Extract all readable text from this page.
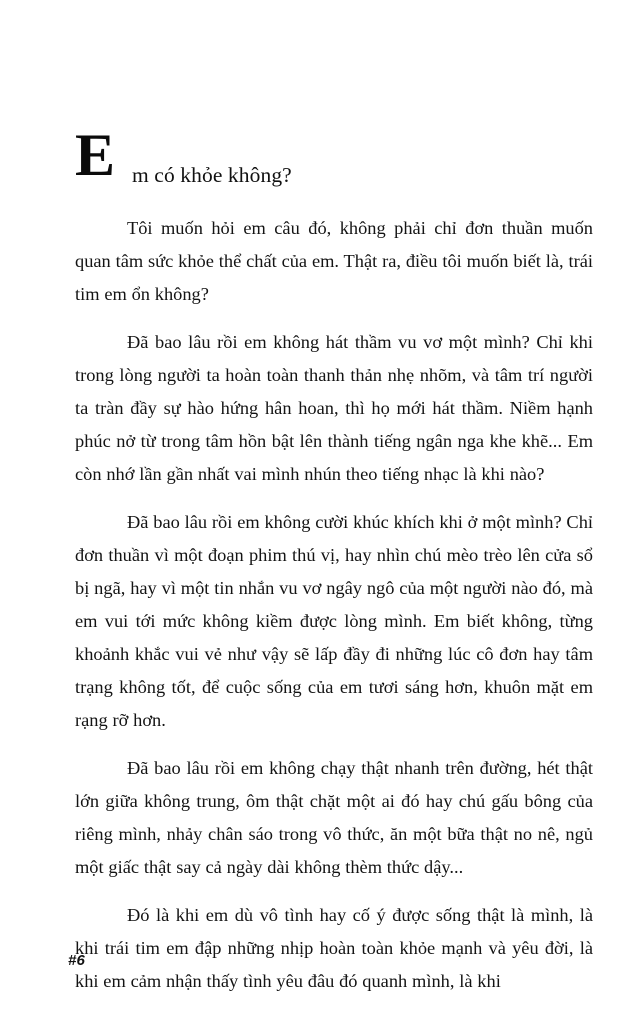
E m có khỏe không?

Tôi muốn hỏi em câu đó, không phải chỉ đơn thuần muốn quan tâm sức khỏe thể chất của em. Thật ra, điều tôi muốn biết là, trái tim em ổn không?

Đã bao lâu rồi em không hát thầm vu vơ một mình? Chỉ khi trong lòng người ta hoàn toàn thanh thản nhẹ nhõm, và tâm trí người ta tràn đầy sự hào hứng hân hoan, thì họ mới hát thầm. Niềm hạnh phúc nở từ trong tâm hồn bật lên thành tiếng ngân nga khe khẽ... Em còn nhớ lần gần nhất vai mình nhún theo tiếng nhạc là khi nào?

Đã bao lâu rồi em không cười khúc khích khi ở một mình? Chỉ đơn thuần vì một đoạn phim thú vị, hay nhìn chú mèo trèo lên cửa sổ bị ngã, hay vì một tin nhắn vu vơ ngây ngô của một người nào đó, mà em vui tới mức không kiềm được lòng mình. Em biết không, từng khoảnh khắc vui vẻ như vậy sẽ lấp đầy đi những lúc cô đơn hay tâm trạng không tốt, để cuộc sống của em tươi sáng hơn, khuôn mặt em rạng rỡ hơn.

Đã bao lâu rồi em không chạy thật nhanh trên đường, hét thật lớn giữa không trung, ôm thật chặt một ai đó hay chú gấu bông của riêng mình, nhảy chân sáo trong vô thức, ăn một bữa thật no nê, ngủ một giấc thật say cả ngày dài không thèm thức dậy...

Đó là khi em dù vô tình hay cố ý được sống thật là mình, là khi trái tim em đập những nhịp hoàn toàn khỏe mạnh và yêu đời, là khi em cảm nhận thấy tình yêu đâu đó quanh mình, là khi

#6
